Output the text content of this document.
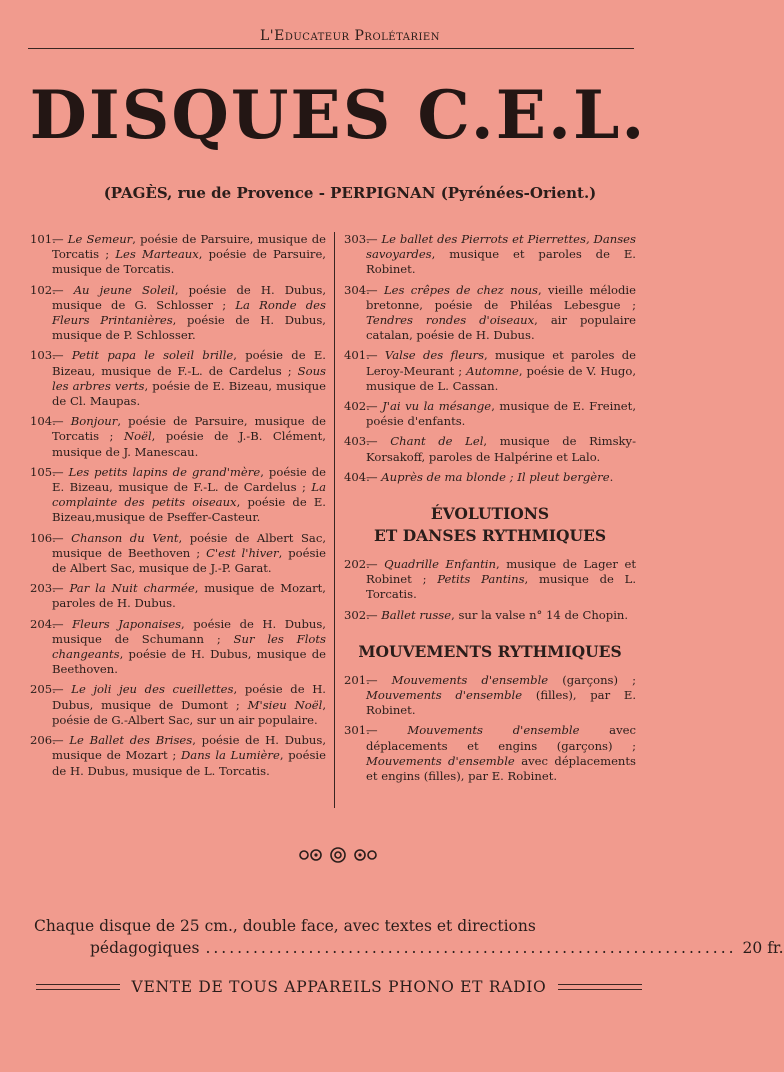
L'Educateur Prolétarien
DISQUES C.E.L.
(PAGÈS, rue de Provence - PERPIGNAN (Pyrénées-Orient.)
101.— Le Semeur, poésie de Parsuire, musique de Torcatis ; Les Marteaux, poésie de Parsuire, musique de Torcatis.
102.— Au jeune Soleil, poésie de H. Dubus, musique de G. Schlosser ; La Ronde des Fleurs Printanières, poésie de H. Dubus, musique de P. Schlosser.
103.— Petit papa le soleil brille, poésie de E. Bizeau, musique de F.-L. de Cardelus ; Sous les arbres verts, poésie de E. Bizeau, musique de Cl. Maupas.
104.— Bonjour, poésie de Parsuire, musique de Torcatis ; Noël, poésie de J.-B. Clément, musique de J. Manescau.
105.— Les petits lapins de grand'mère, poésie de E. Bizeau, musique de F.-L. de Cardelus ; La complainte des petits oiseaux, poésie de E. Bizeau,musique de Pseffer-Casteur.
106.— Chanson du Vent, poésie de Albert Sac, musique de Beethoven ; C'est l'hiver, poésie de Albert Sac, musique de J.-P. Garat.
203.— Par la Nuit charmée, musique de Mozart, paroles de H. Dubus.
204.— Fleurs Japonaises, poésie de H. Dubus, musique de Schumann ; Sur les Flots changeants, poésie de H. Dubus, musique de Beethoven.
205.— Le joli jeu des cueillettes, poésie de H. Dubus, musique de Dumont ; M'sieu Noël, poésie de G.-Albert Sac, sur un air populaire.
206.— Le Ballet des Brises, poésie de H. Dubus, musique de Mozart ; Dans la Lumière, poésie de H. Dubus, musique de L. Torcatis.
303.— Le ballet des Pierrots et Pierrettes, Danses savoyardes, musique et paroles de E. Robinet.
304.— Les crêpes de chez nous, vieille mélodie bretonne, poésie de Philéas Lebesgue ; Tendres rondes d'oiseaux, air populaire catalan, poésie de H. Dubus.
401.— Valse des fleurs, musique et paroles de Leroy-Meurant ; Automne, poésie de V. Hugo, musique de L. Cassan.
402.— J'ai vu la mésange, musique de E. Freinet, poésie d'enfants.
403.— Chant de Lel, musique de Rimsky-Korsakoff, paroles de Halpérine et Lalo.
404.— Auprès de ma blonde ; Il pleut bergère.
ÉVOLUTIONS
ET DANSES RYTHMIQUES
202.— Quadrille Enfantin, musique de Lager et Robinet ; Petits Pantins, musique de L. Torcatis.
302.— Ballet russe, sur la valse n° 14 de Chopin.
MOUVEMENTS RYTHMIQUES
201.— Mouvements d'ensemble (garçons) ; Mouvements d'ensemble (filles), par E. Robinet.
301.— Mouvements d'ensemble avec déplacements et engins (garçons) ; Mouvements d'ensemble avec déplacements et engins (filles), par E. Robinet.
Chaque disque de 25 cm., double face, avec textes et directions
pédagogiques ................................................................... 20 fr.
VENTE DE TOUS APPAREILS PHONO ET RADIO
